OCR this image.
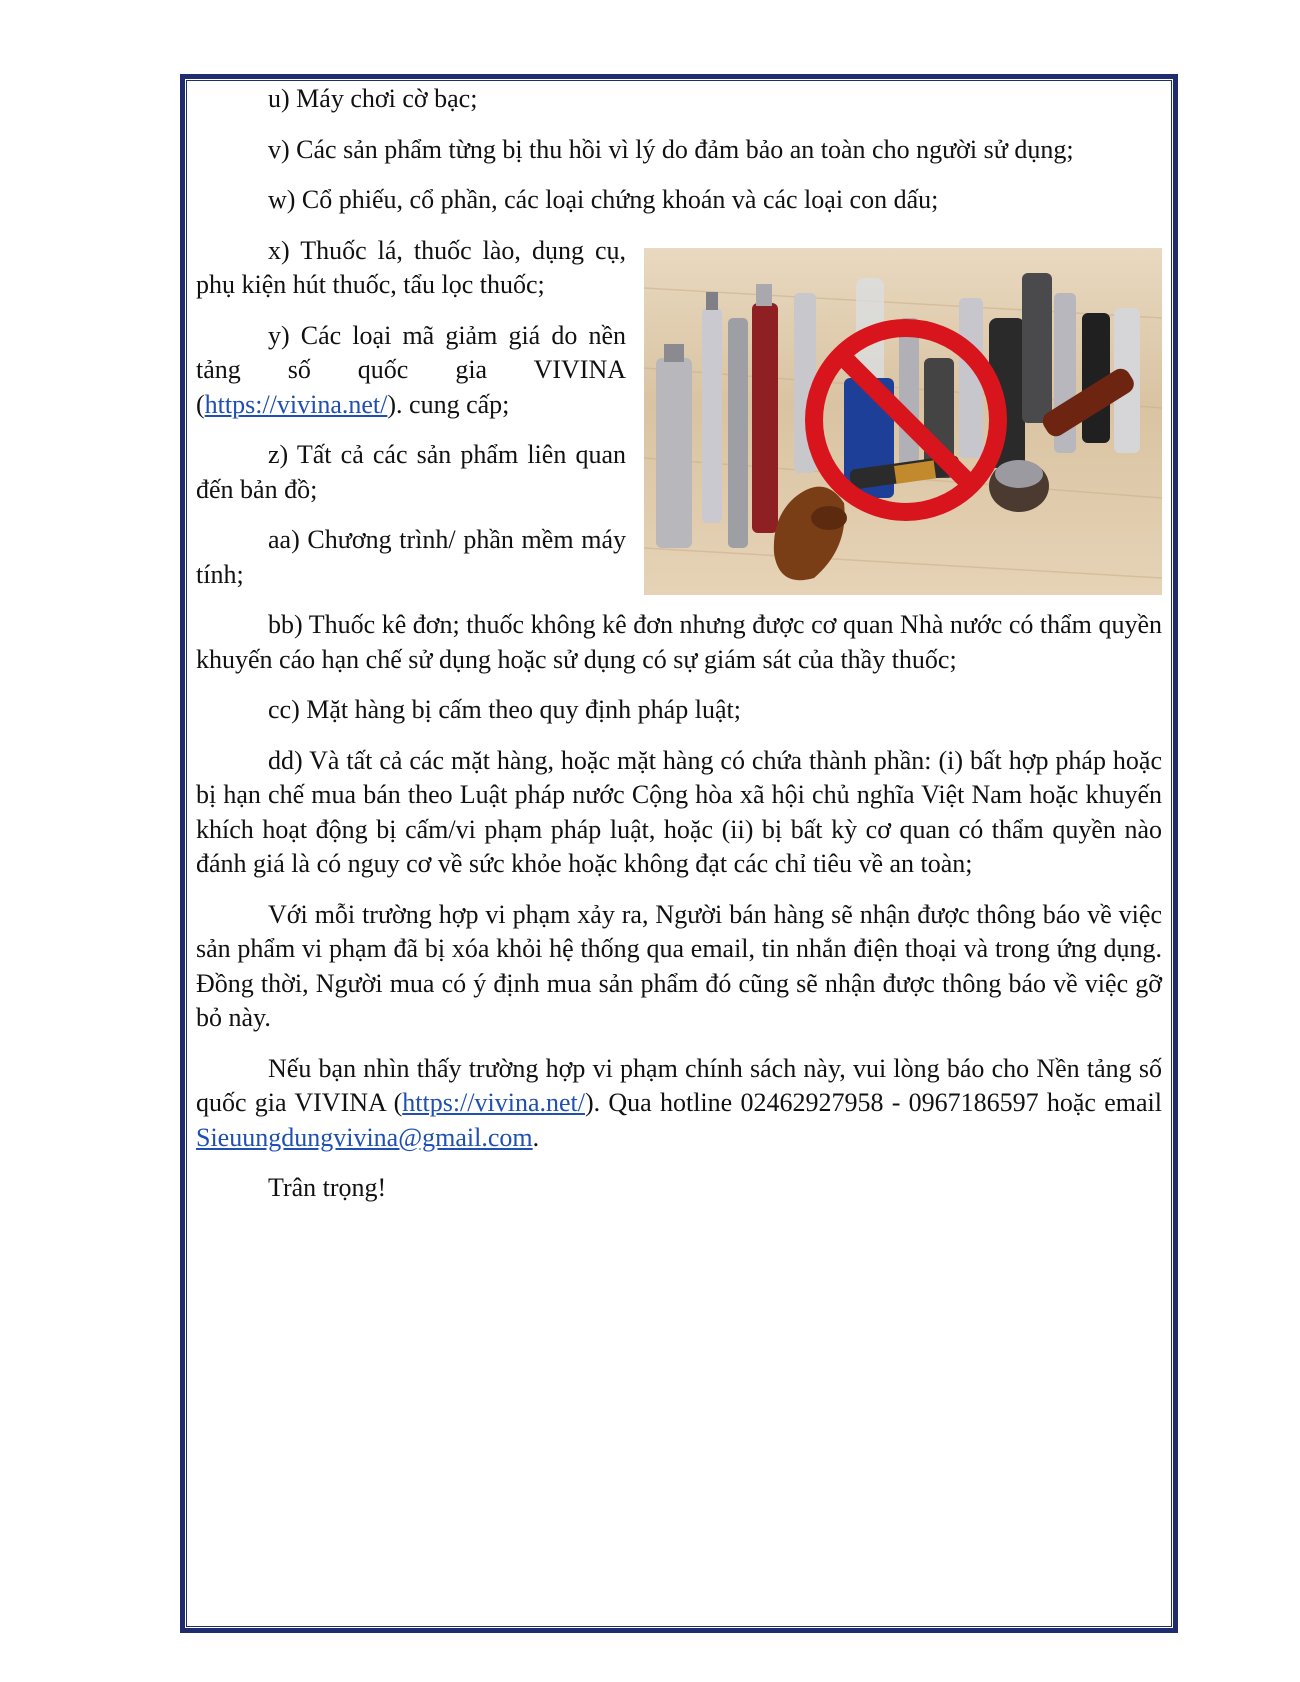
u) Máy chơi cờ bạc;

v) Các sản phẩm từng bị thu hồi vì lý do đảm bảo an toàn cho người sử dụng;

w) Cổ phiếu, cổ phần, các loại chứng khoán và các loại con dấu;

x) Thuốc lá, thuốc lào, dụng cụ, phụ kiện hút thuốc, tẩu lọc thuốc;

y) Các loại mã giảm giá do nền tảng số quốc gia VIVINA (https://vivina.net/). cung cấp;

z) Tất cả các sản phẩm liên quan đến bản đồ;

aa) Chương trình/ phần mềm máy tính;

bb) Thuốc kê đơn; thuốc không kê đơn nhưng được cơ quan Nhà nước có thẩm quyền khuyến cáo hạn chế sử dụng hoặc sử dụng có sự giám sát của thầy thuốc;

cc) Mặt hàng bị cấm theo quy định pháp luật;

dd) Và tất cả các mặt hàng, hoặc mặt hàng có chứa thành phần: (i) bất hợp pháp hoặc bị hạn chế mua bán theo Luật pháp nước Cộng hòa xã hội chủ nghĩa Việt Nam hoặc khuyến khích hoạt động bị cấm/vi phạm pháp luật, hoặc (ii) bị bất kỳ cơ quan có thẩm quyền nào đánh giá là có nguy cơ về sức khỏe hoặc không đạt các chỉ tiêu về an toàn;

Với mỗi trường hợp vi phạm xảy ra, Người bán hàng sẽ nhận được thông báo về việc sản phẩm vi phạm đã bị xóa khỏi hệ thống qua email, tin nhắn điện thoại và trong ứng dụng. Đồng thời, Người mua có ý định mua sản phẩm đó cũng sẽ nhận được thông báo về việc gỡ bỏ này.

Nếu bạn nhìn thấy trường hợp vi phạm chính sách này, vui lòng báo cho Nền tảng số quốc gia VIVINA (https://vivina.net/). Qua hotline 02462927958 - 0967186597 hoặc email Sieuungdungvivina@gmail.com.

Trân trọng!
